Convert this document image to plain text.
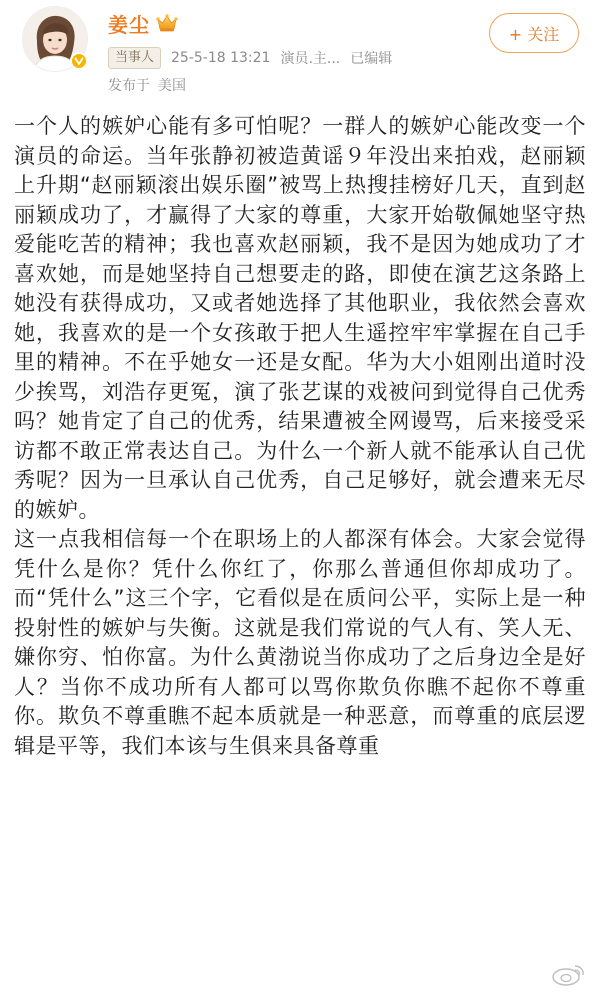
姜尘
当事人	25-5-18 13:21 演员.主... 已编辑
发布于 美国
+ 关注

一个人的嫉妒心能有多可怕呢？一群人的嫉妒心能改变一个演员的命运。当年张静初被造黄谣９年没出来拍戏，赵丽颖上升期“赵丽颖滚出娱乐圈”被骂上热搜挂榜好几天，直到赵丽颖成功了，才赢得了大家的尊重，大家开始敬佩她坚守热爱能吃苦的精神；我也喜欢赵丽颖，我不是因为她成功了才喜欢她，而是她坚持自己想要走的路，即使在演艺这条路上她没有获得成功，又或者她选择了其他职业，我依然会喜欢她，我喜欢的是一个女孩敢于把人生遥控牢牢掌握在自己手里的精神。不在乎她女一还是女配。华为大小姐刚出道时没少挨骂，刘浩存更冤，演了张艺谋的戏被问到觉得自己优秀吗？她肯定了自己的优秀，结果遭被全网谩骂，后来接受采访都不敢正常表达自己。为什么一个新人就不能承认自己优秀呢？因为一旦承认自己优秀，自己足够好，就会遭来无尽的嫉妒。

这一点我相信每一个在职场上的人都深有体会。大家会觉得凭什么是你？凭什么你红了，你那么普通但你却成功了。而“凭什么”这三个字，它看似是在质问公平，实际上是一种投射性的嫉妒与失衡。这就是我们常说的气人有、笑人无、嫌你穷、怕你富。为什么黄渤说当你成功了之后身边全是好人？当你不成功所有人都可以骂你欺负你瞧不起你不尊重你。欺负不尊重瞧不起本质就是一种恶意，而尊重的底层逻辑是平等，我们本该与生俱来具备尊重
